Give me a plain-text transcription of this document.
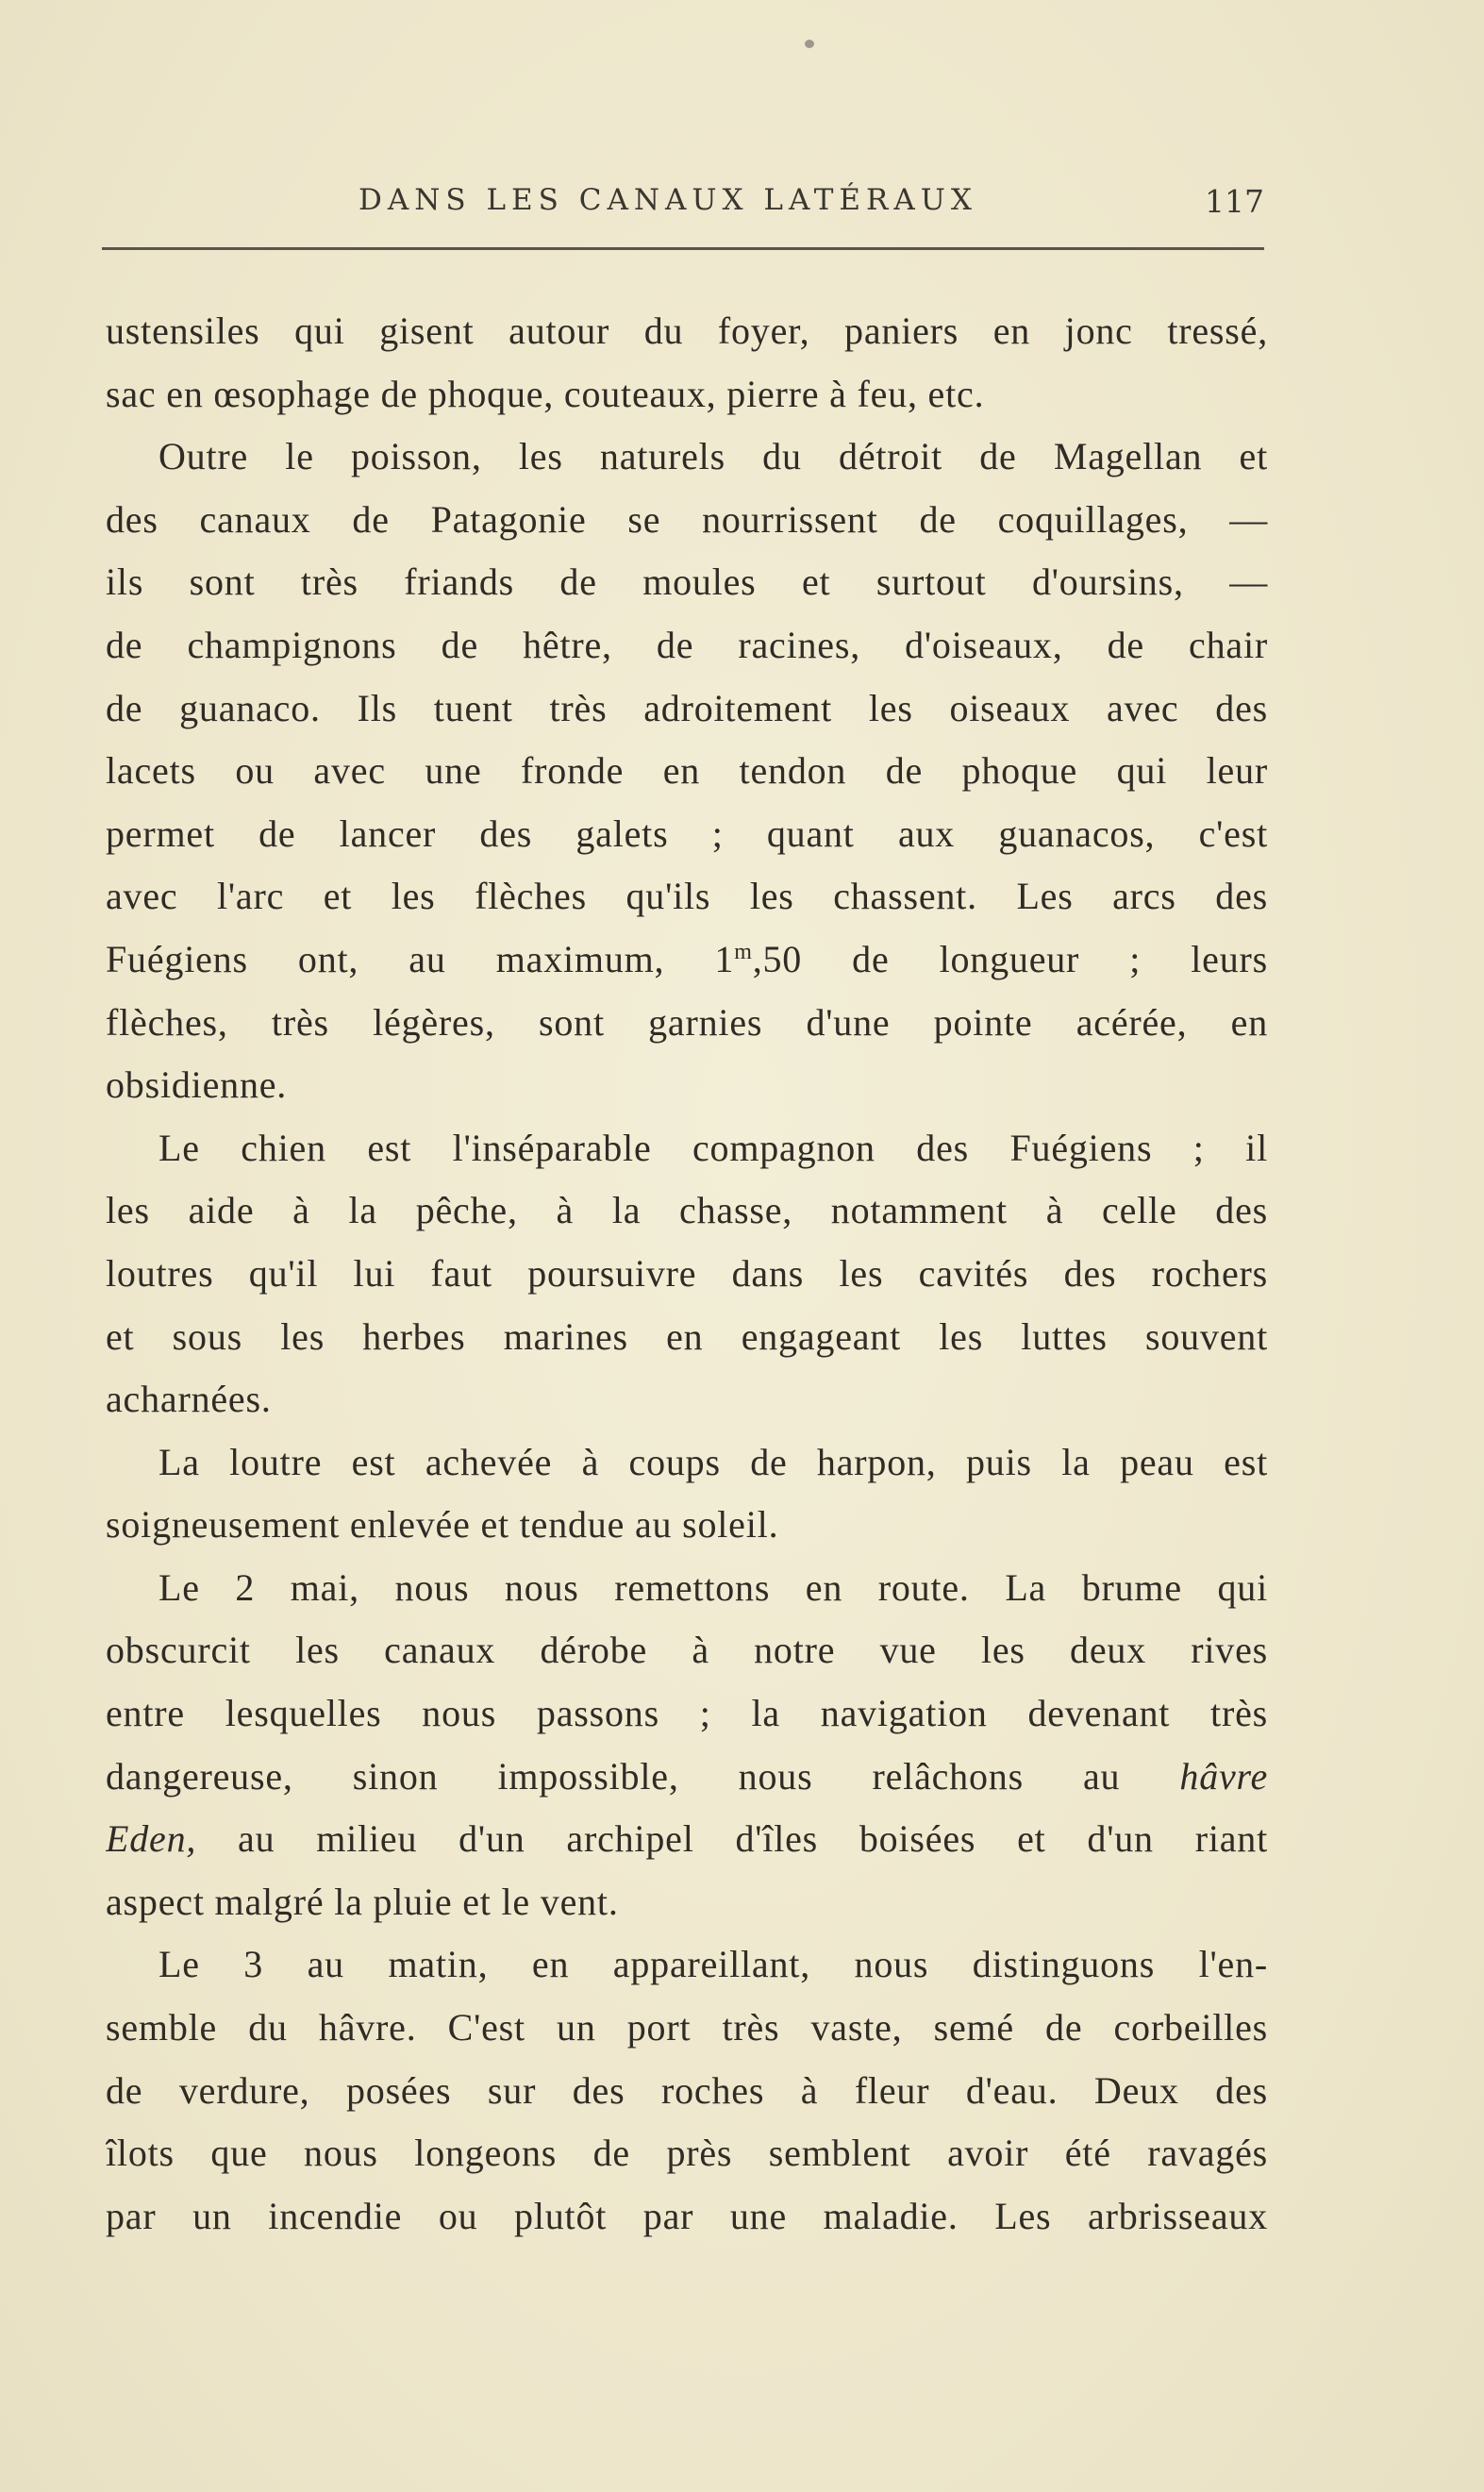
DANS LES CANAUX LATÉRAUX	117
ustensiles qui gisent autour du foyer, paniers en jonc tressé,
sac en œsophage de phoque, couteaux, pierre à feu, etc.
Outre le poisson, les naturels du détroit de Magellan et
des canaux de Patagonie se nourrissent de coquillages, —
ils sont très friands de moules et surtout d'oursins, —
de champignons de hêtre, de racines, d'oiseaux, de chair
de guanaco. Ils tuent très adroitement les oiseaux avec des
lacets ou avec une fronde en tendon de phoque qui leur
permet de lancer des galets ; quant aux guanacos, c'est
avec l'arc et les flèches qu'ils les chassent. Les arcs des
Fuégiens ont, au maximum, 1$^m$,50 de longueur ; leurs
flèches, très légères, sont garnies d'une pointe acérée, en
obsidienne.
Le chien est l'inséparable compagnon des Fuégiens ; il
les aide à la pêche, à la chasse, notamment à celle des
loutres qu'il lui faut poursuivre dans les cavités des rochers
et sous les herbes marines en engageant les luttes souvent
acharnées.
La loutre est achevée à coups de harpon, puis la peau est
soigneusement enlevée et tendue au soleil.
Le 2 mai, nous nous remettons en route. La brume qui
obscurcit les canaux dérobe à notre vue les deux rives
entre lesquelles nous passons ; la navigation devenant très
dangereuse, sinon impossible, nous relâchons au hâvre
Eden, au milieu d'un archipel d'îles boisées et d'un riant
aspect malgré la pluie et le vent.
Le 3 au matin, en appareillant, nous distinguons l'en-
semble du hâvre. C'est un port très vaste, semé de corbeilles
de verdure, posées sur des roches à fleur d'eau. Deux des
îlots que nous longeons de près semblent avoir été ravagés
par un incendie ou plutôt par une maladie. Les arbrisseaux
